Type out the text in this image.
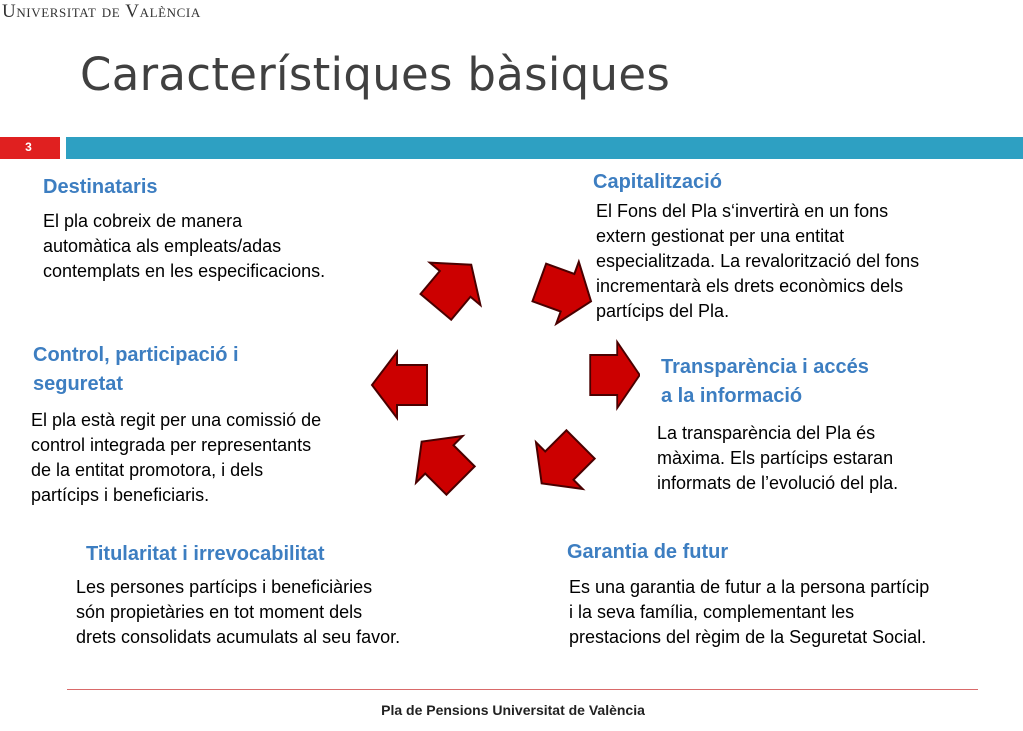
Universitat de València
Característiques bàsiques
3
Destinataris
El pla cobreix de manera
automàtica als empleats/adas
contemplats en les especificacions.
Capitalització
El Fons del Pla s‘invertirà en un fons
extern gestionat per una entitat
especialitzada. La revalorització del fons
incrementarà els drets econòmics dels
partícips del Pla.
Control, participació i
seguretat
El pla està regit per una comissió de
control integrada per representants
de la entitat promotora, i dels
partícips i beneficiaris.
Transparència i accés
a la informació
La transparència del Pla és
màxima. Els partícips estaran
informats de l’evolució del pla.
Titularitat i irrevocabilitat
Les persones partícips i beneficiàries
són propietàries en tot moment dels
drets consolidats acumulats al seu favor.
Garantia de futur
Es una garantia de futur a la persona partícip
i la seva família, complementant les
prestacions del règim de la Seguretat Social.
Pla de Pensions Universitat de València
